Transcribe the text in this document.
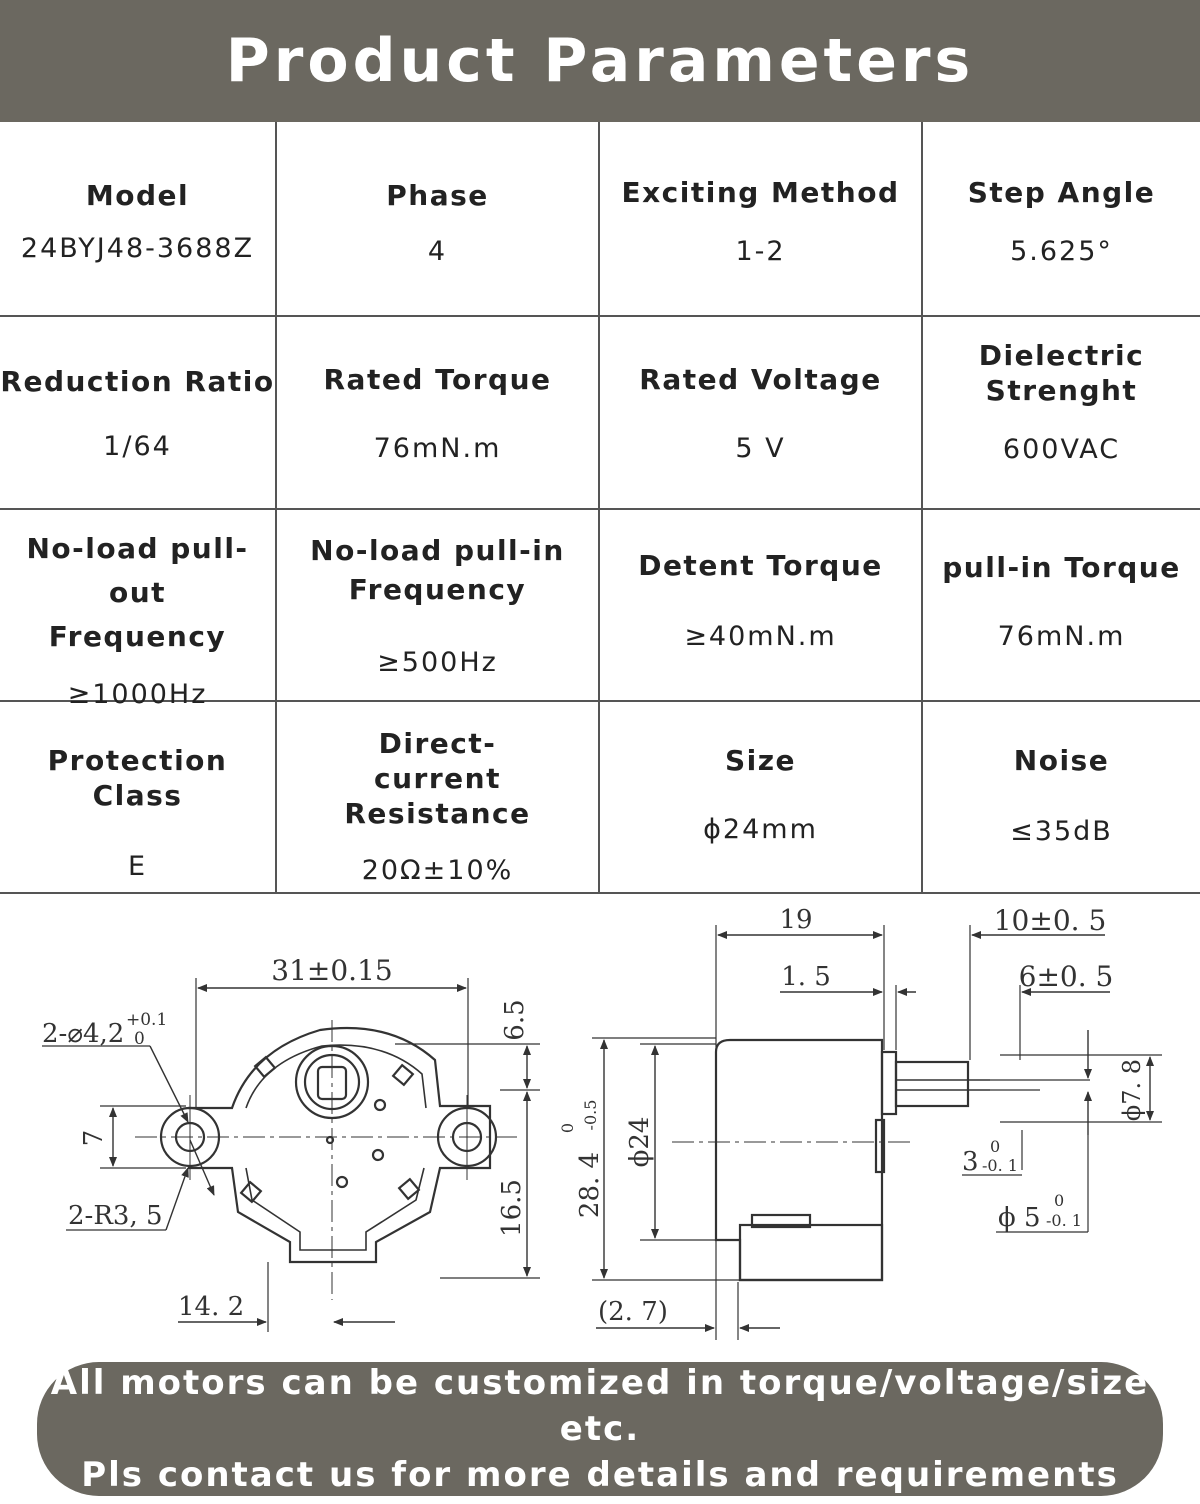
Product Parameters
Model
24BYJ48-3688Z
Phase
4
Exciting Method
1-2
Step Angle
5.625°
Reduction Ratio
1/64
Rated Torque
76mN.m
Rated Voltage
5 V
Dielectric Strenght
600VAC
No-load pull-out Frequency
≥1000Hz
No-load pull-in Frequency
≥500Hz
Detent Torque
≥40mN.m
pull-in Torque
76mN.m
Protection Class
E
Direct-current Resistance
20Ω±10%
Size
ϕ24mm
Noise
≤35dB
31±0.15
6.5
16.5
7
2-⌀4,2 +0.1
0
2-R3, 5
14. 2
19	10±0. 5
1. 5	6±0. 5
ϕ7. 8
3
0
-0. 1
ϕ 5
0
-0. 1
28. 4
0 -0.5
ϕ24
(2. 7)
All motors can be customized in torque/voltage/size etc.
Pls contact us for more details and requirements
